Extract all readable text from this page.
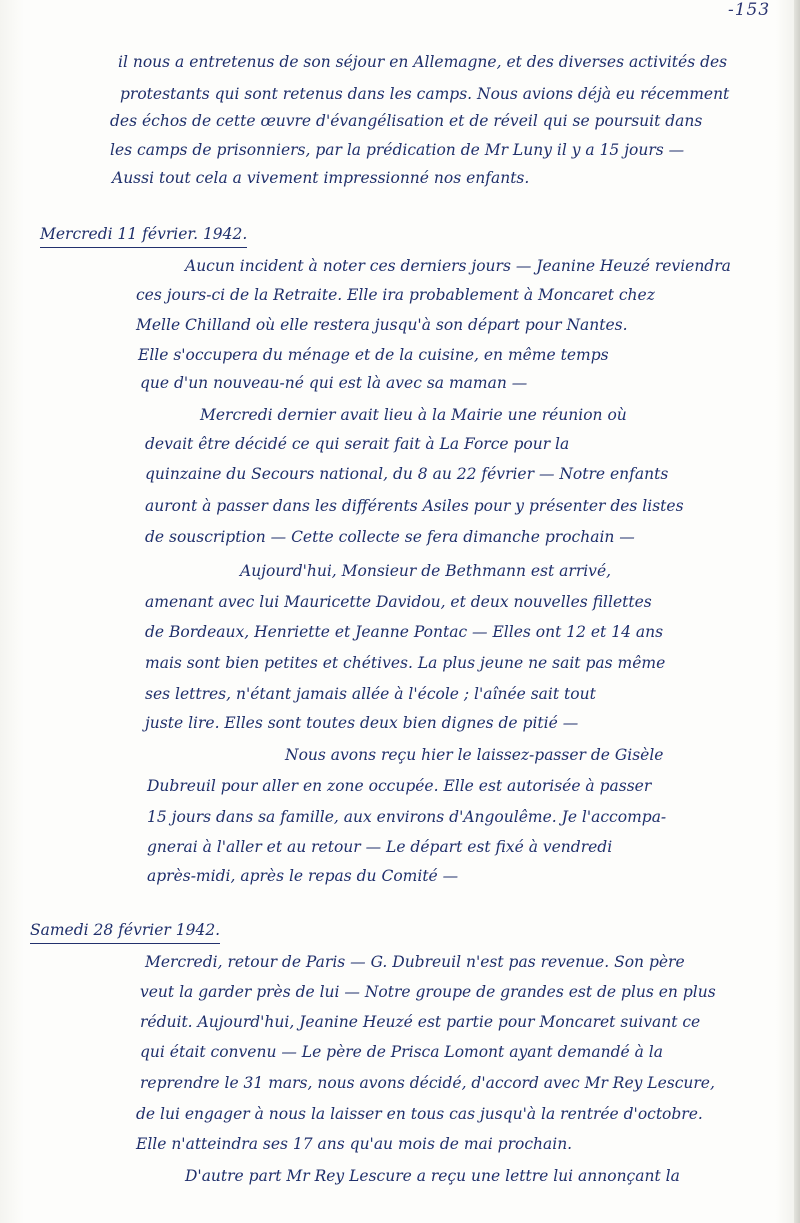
-153
il nous a entretenus de son séjour en Allemagne, et des diverses activités des
protestants qui sont retenus dans les camps. Nous avions déjà eu récemment
des échos de cette œuvre d'évangélisation et de réveil qui se poursuit dans
les camps de prisonniers, par la prédication de Mr Luny il y a 15 jours —
Aussi tout cela a vivement impressionné nos enfants.
Mercredi 11 février. 1942.
Aucun incident à noter ces derniers jours — Jeanine Heuzé reviendra
ces jours-ci de la Retraite. Elle ira probablement à Moncaret chez
Melle Chilland où elle restera jusqu'à son départ pour Nantes.
Elle s'occupera du ménage et de la cuisine, en même temps
que d'un nouveau-né qui est là avec sa maman —
Mercredi dernier avait lieu à la Mairie une réunion où
devait être décidé ce qui serait fait à La Force pour la
quinzaine du Secours national, du 8 au 22 février — Notre enfants
auront à passer dans les différents Asiles pour y présenter des listes
de souscription — Cette collecte se fera dimanche prochain —
Aujourd'hui, Monsieur de Bethmann est arrivé,
amenant avec lui Mauricette Davidou, et deux nouvelles fillettes
de Bordeaux, Henriette et Jeanne Pontac — Elles ont 12 et 14 ans
mais sont bien petites et chétives. La plus jeune ne sait pas même
ses lettres, n'étant jamais allée à l'école ; l'aînée sait tout
juste lire. Elles sont toutes deux bien dignes de pitié —
Nous avons reçu hier le laissez-passer de Gisèle
Dubreuil pour aller en zone occupée. Elle est autorisée à passer
15 jours dans sa famille, aux environs d'Angoulême. Je l'accompa-
gnerai à l'aller et au retour — Le départ est fixé à vendredi
après-midi, après le repas du Comité —
Samedi 28 février 1942.
Mercredi, retour de Paris — G. Dubreuil n'est pas revenue. Son père
veut la garder près de lui — Notre groupe de grandes est de plus en plus
réduit. Aujourd'hui, Jeanine Heuzé est partie pour Moncaret suivant ce
qui était convenu — Le père de Prisca Lomont ayant demandé à la
reprendre le 31 mars, nous avons décidé, d'accord avec Mr Rey Lescure,
de lui engager à nous la laisser en tous cas jusqu'à la rentrée d'octobre.
Elle n'atteindra ses 17 ans qu'au mois de mai prochain.
D'autre part Mr Rey Lescure a reçu une lettre lui annonçant la
